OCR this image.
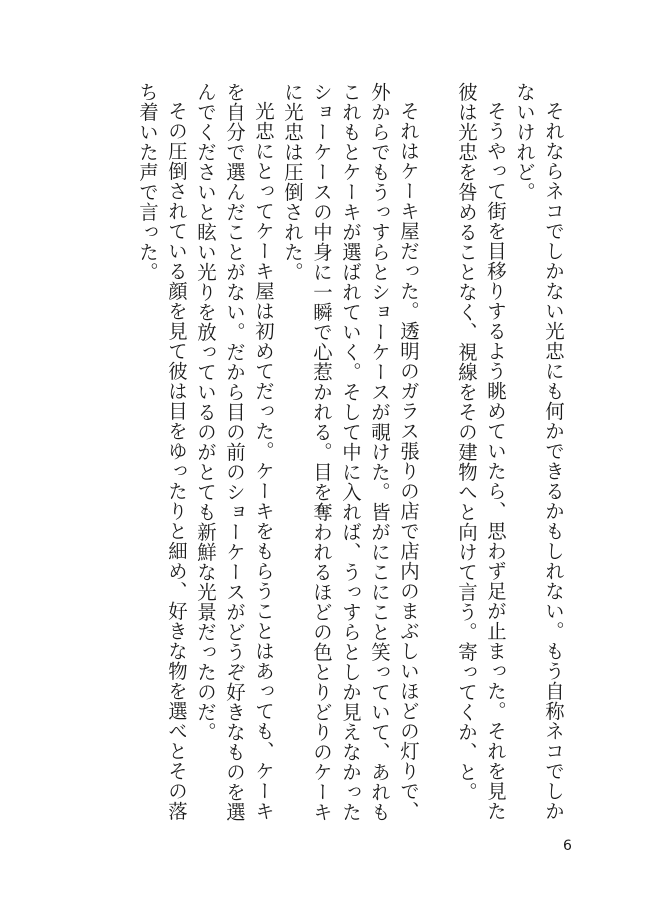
それならネコでしかない光忠にも何かできるかもしれない。もう自称ネコでしかないけれど。

そうやって街を目移りするよう眺めていたら、思わず足が止まった。それを見た彼は光忠を咎めることなく、視線をその建物へと向けて言う。寄ってくか、と。

それはケーキ屋だった。透明のガラス張りの店で店内のまぶしいほどの灯りで、外からでもうっすらとショーケースが覗けた。皆がにこにこと笑っていて、あれもこれもとケーキが選ばれていく。そして中に入れば、うっすらとしか見えなかったショーケースの中身に一瞬で心惹かれる。目を奪われるほどの色とりどりのケーキに光忠は圧倒された。

光忠にとってケーキ屋は初めてだった。ケーキをもらうことはあっても、ケーキを自分で選んだことがない。だから目の前のショーケースがどうぞ好きなものを選んでくださいと眩い光りを放っているのがとても新鮮な光景だったのだ。

その圧倒されている顔を見て彼は目をゆったりと細め、好きな物を選べとその落ち着いた声で言った。

6
